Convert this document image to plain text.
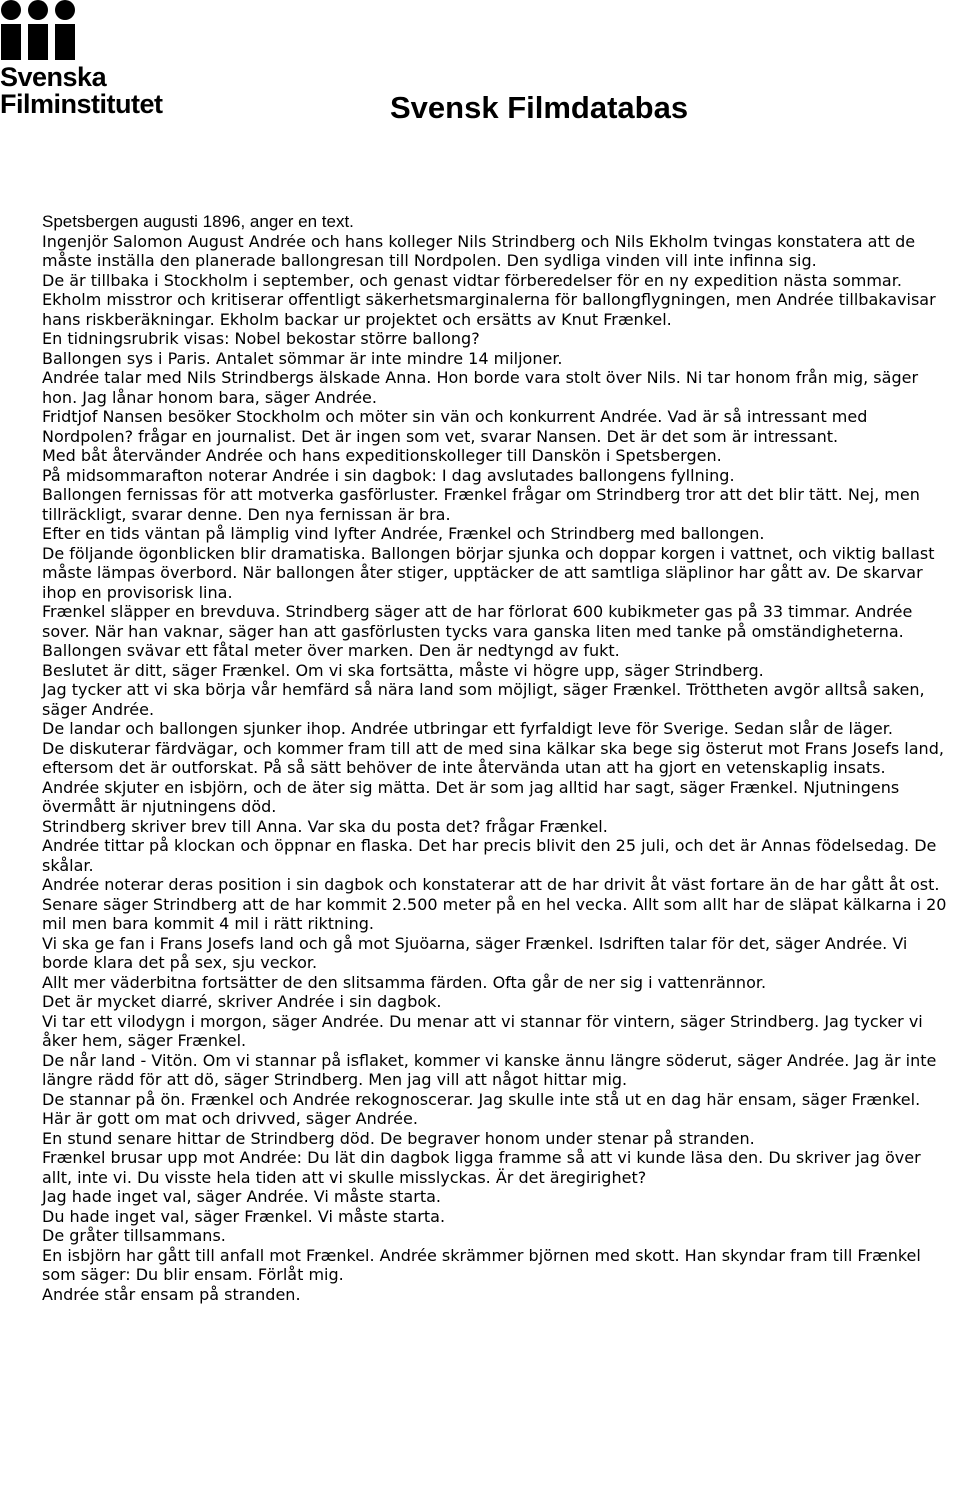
Svenska
Filminstitutet	Svensk Filmdatabas

Spetsbergen augusti 1896, anger en text.

Ingenjör Salomon August Andrée och hans kolleger Nils Strindberg och Nils Ekholm tvingas konstatera att de måste inställa den planerade ballongresan till Nordpolen. Den sydliga vinden vill inte infinna sig.

De är tillbaka i Stockholm i september, och genast vidtar förberedelser för en ny expedition nästa sommar. Ekholm misstror och kritiserar offentligt säkerhetsmarginalerna för ballongflygningen, men Andrée tillbakavisar hans riskberäkningar. Ekholm backar ur projektet och ersätts av Knut Frænkel.

En tidningsrubrik visas: Nobel bekostar större ballong?

Ballongen sys i Paris. Antalet sömmar är inte mindre 14 miljoner.

Andrée talar med Nils Strindbergs älskade Anna. Hon borde vara stolt över Nils. Ni tar honom från mig, säger hon. Jag lånar honom bara, säger Andrée.

Fridtjof Nansen besöker Stockholm och möter sin vän och konkurrent Andrée. Vad är så intressant med Nordpolen? frågar en journalist. Det är ingen som vet, svarar Nansen. Det är det som är intressant.

Med båt återvänder Andrée och hans expeditionskolleger till Danskön i Spetsbergen.

På midsommarafton noterar Andrée i sin dagbok: I dag avslutades ballongens fyllning.

Ballongen fernissas för att motverka gasförluster. Frænkel frågar om Strindberg tror att det blir tätt. Nej, men tillräckligt, svarar denne. Den nya fernissan är bra.

Efter en tids väntan på lämplig vind lyfter Andrée, Frænkel och Strindberg med ballongen.

De följande ögonblicken blir dramatiska. Ballongen börjar sjunka och doppar korgen i vattnet, och viktig ballast måste lämpas överbord. När ballongen åter stiger, upptäcker de att samtliga släplinor har gått av. De skarvar ihop en provisorisk lina.

Frænkel släpper en brevduva. Strindberg säger att de har förlorat 600 kubikmeter gas på 33 timmar. Andrée sover. När han vaknar, säger han att gasförlusten tycks vara ganska liten med tanke på omständigheterna.

Ballongen svävar ett fåtal meter över marken. Den är nedtyngd av fukt.

Beslutet är ditt, säger Frænkel. Om vi ska fortsätta, måste vi högre upp, säger Strindberg.

Jag tycker att vi ska börja vår hemfärd så nära land som möjligt, säger Frænkel. Tröttheten avgör alltså saken, säger Andrée.

De landar och ballongen sjunker ihop. Andrée utbringar ett fyrfaldigt leve för Sverige. Sedan slår de läger.

De diskuterar färdvägar, och kommer fram till att de med sina kälkar ska bege sig österut mot Frans Josefs land, eftersom det är outforskat. På så sätt behöver de inte återvända utan att ha gjort en vetenskaplig insats.

Andrée skjuter en isbjörn, och de äter sig mätta. Det är som jag alltid har sagt, säger Frænkel. Njutningens övermått är njutningens död.

Strindberg skriver brev till Anna. Var ska du posta det? frågar Frænkel.

Andrée tittar på klockan och öppnar en flaska. Det har precis blivit den 25 juli, och det är Annas födelsedag. De skålar.

Andrée noterar deras position i sin dagbok och konstaterar att de har drivit åt väst fortare än de har gått åt ost.

Senare säger Strindberg att de har kommit 2.500 meter på en hel vecka. Allt som allt har de släpat kälkarna i 20 mil men bara kommit 4 mil i rätt riktning.

Vi ska ge fan i Frans Josefs land och gå mot Sjuöarna, säger Frænkel. Isdriften talar för det, säger Andrée. Vi borde klara det på sex, sju veckor.

Allt mer väderbitna fortsätter de den slitsamma färden. Ofta går de ner sig i vattenrännor.

Det är mycket diarré, skriver Andrée i sin dagbok.

Vi tar ett vilodygn i morgon, säger Andrée. Du menar att vi stannar för vintern, säger Strindberg. Jag tycker vi åker hem, säger Frænkel.

De når land - Vitön. Om vi stannar på isflaket, kommer vi kanske ännu längre söderut, säger Andrée. Jag är inte längre rädd för att dö, säger Strindberg. Men jag vill att något hittar mig.

De stannar på ön. Frænkel och Andrée rekognoscerar. Jag skulle inte stå ut en dag här ensam, säger Frænkel. Här är gott om mat och drivved, säger Andrée.

En stund senare hittar de Strindberg död. De begraver honom under stenar på stranden.

Frænkel brusar upp mot Andrée: Du lät din dagbok ligga framme så att vi kunde läsa den. Du skriver jag över allt, inte vi. Du visste hela tiden att vi skulle misslyckas. Är det äregirighet?

Jag hade inget val, säger Andrée. Vi måste starta.

Du hade inget val, säger Frænkel. Vi måste starta.

De gråter tillsammans.

En isbjörn har gått till anfall mot Frænkel. Andrée skrämmer björnen med skott. Han skyndar fram till Frænkel som säger: Du blir ensam. Förlåt mig.

Andrée står ensam på stranden.
